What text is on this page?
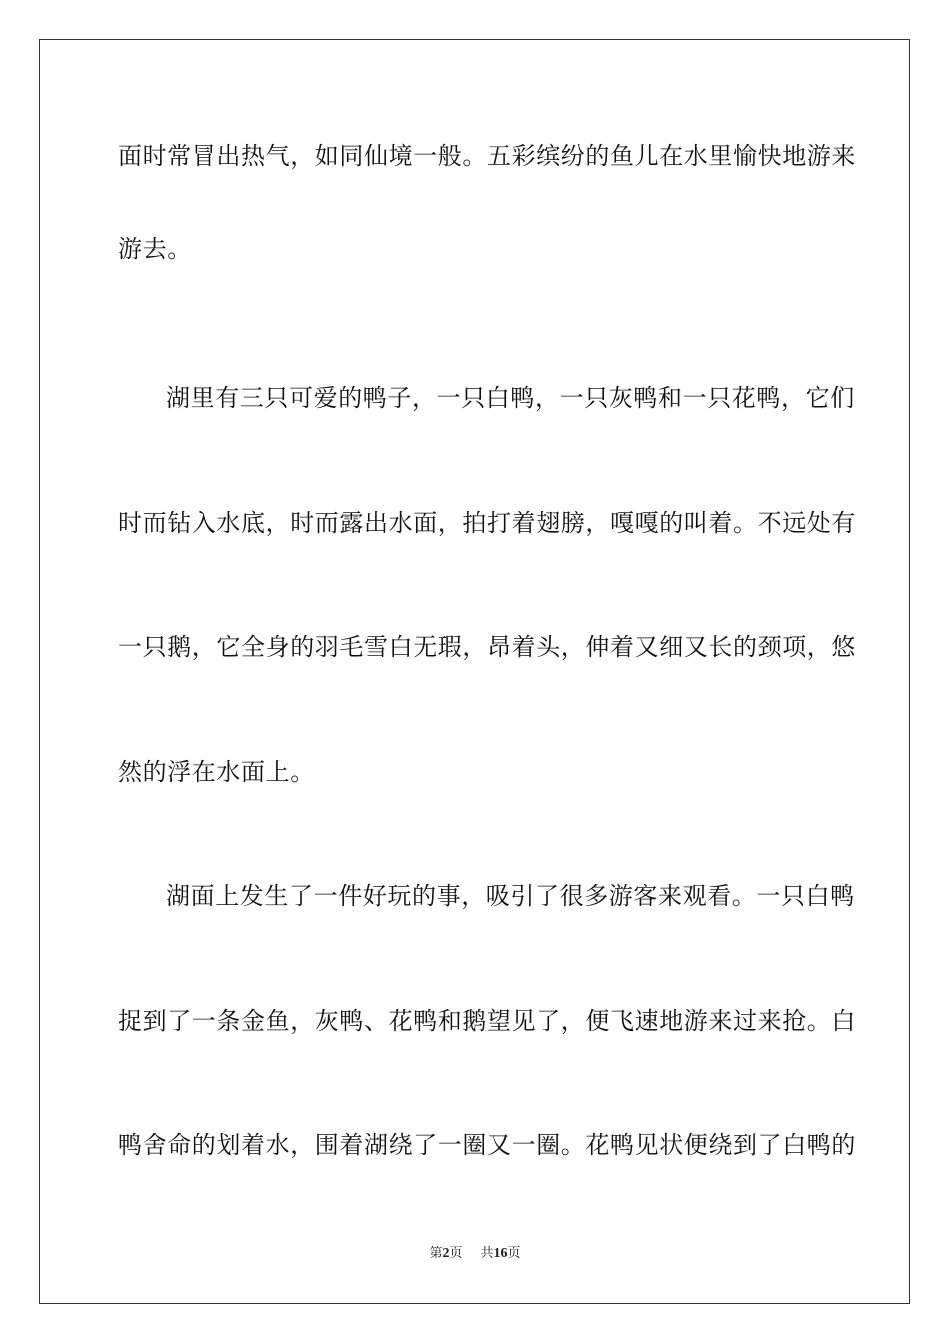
面时常冒出热气，如同仙境一般。五彩缤纷的鱼儿在水里愉快地游来
游去。
湖里有三只可爱的鸭子，一只白鸭，一只灰鸭和一只花鸭，它们
时而钻入水底，时而露出水面，拍打着翅膀，嘎嘎的叫着。不远处有
一只鹅，它全身的羽毛雪白无瑕，昂着头，伸着又细又长的颈项，悠
然的浮在水面上。
湖面上发生了一件好玩的事，吸引了很多游客来观看。一只白鸭
捉到了一条金鱼，灰鸭、花鸭和鹅望见了，便飞速地游来过来抢。白
鸭舍命的划着水，围着湖绕了一圈又一圈。花鸭见状便绕到了白鸭的
第2页 共16页
